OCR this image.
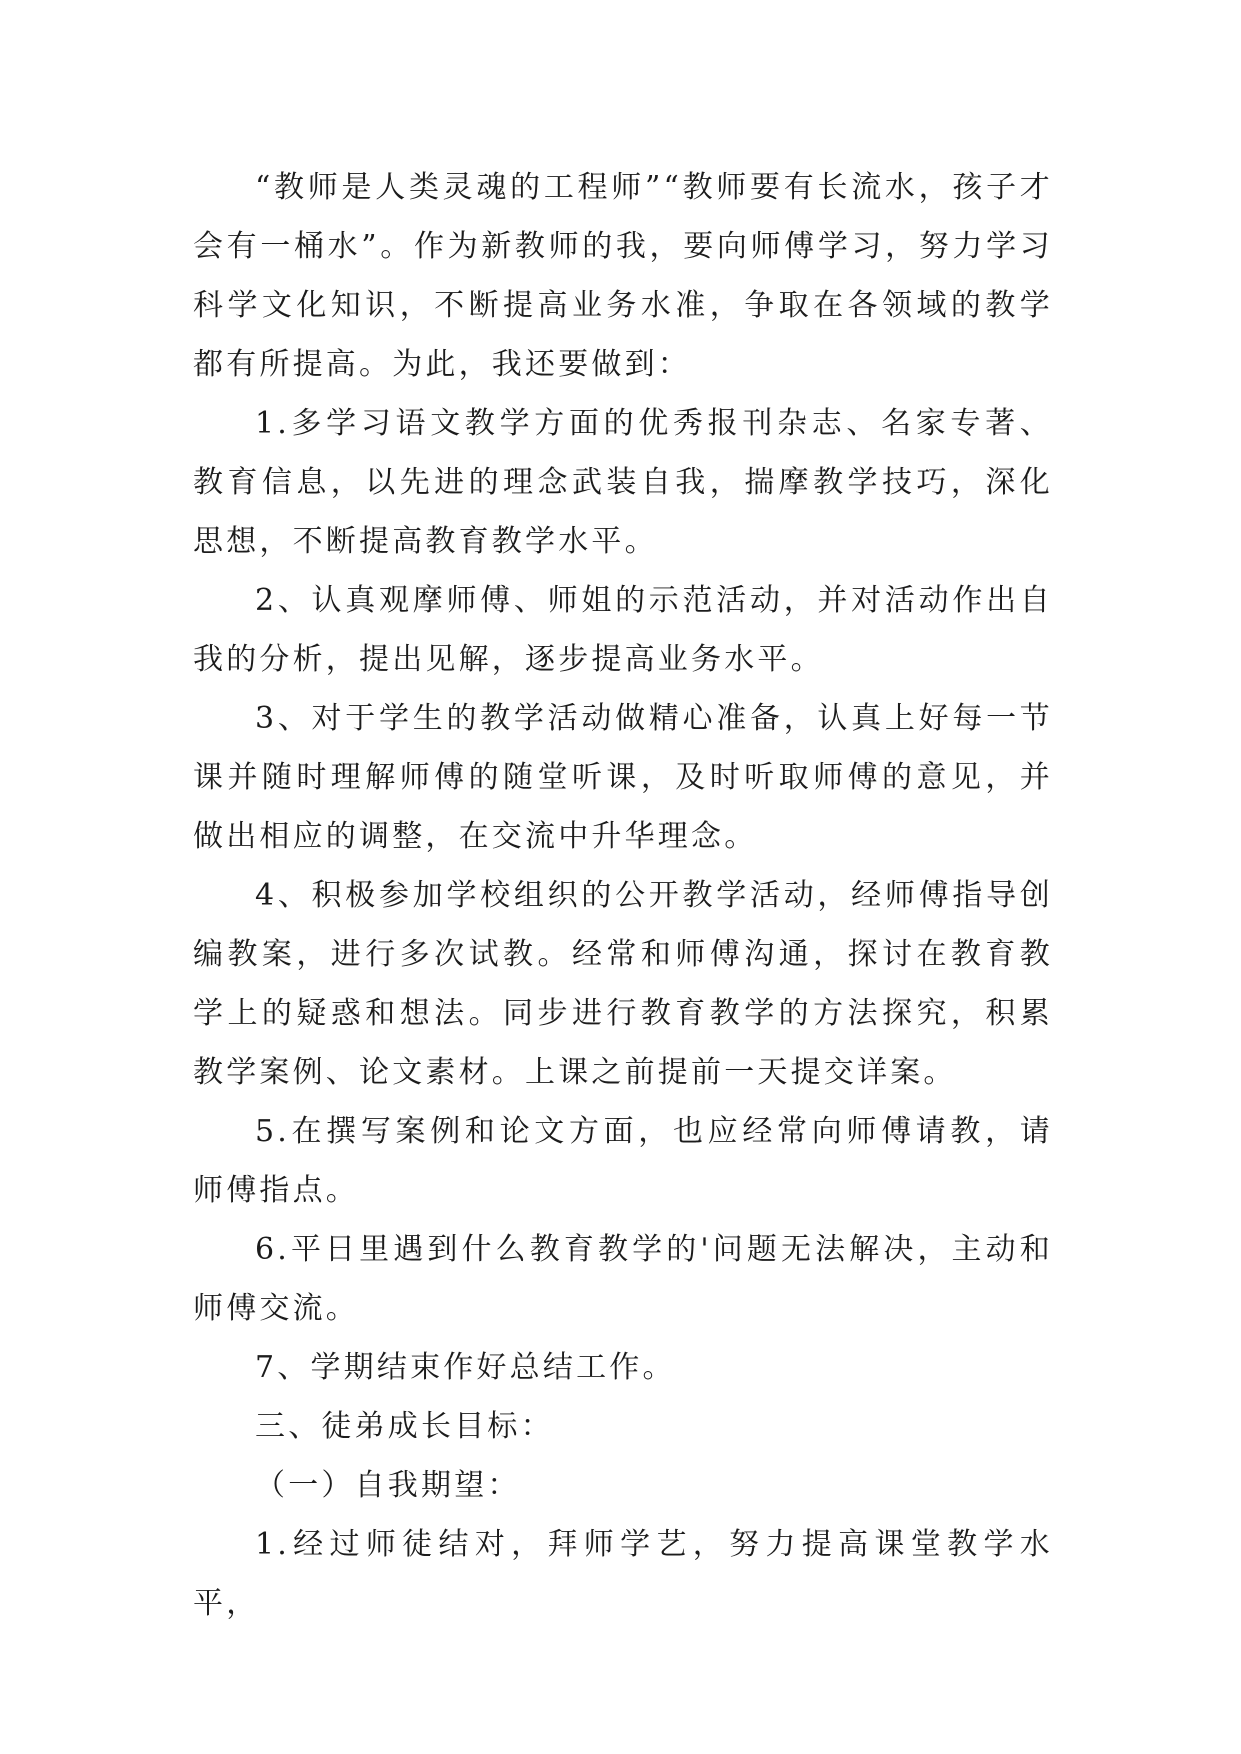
“教师是人类灵魂的工程师”“教师要有长流水，孩子才会有一桶水”。作为新教师的我，要向师傅学习，努力学习科学文化知识，不断提高业务水准，争取在各领域的教学都有所提高。为此，我还要做到：

1.多学习语文教学方面的优秀报刊杂志、名家专著、教育信息，以先进的理念武装自我，揣摩教学技巧，深化思想，不断提高教育教学水平。

2、认真观摩师傅、师姐的示范活动，并对活动作出自我的分析，提出见解，逐步提高业务水平。

3、对于学生的教学活动做精心准备，认真上好每一节课并随时理解师傅的随堂听课，及时听取师傅的意见，并做出相应的调整，在交流中升华理念。

4、积极参加学校组织的公开教学活动，经师傅指导创编教案，进行多次试教。经常和师傅沟通，探讨在教育教学上的疑惑和想法。同步进行教育教学的方法探究，积累教学案例、论文素材。上课之前提前一天提交详案。

5.在撰写案例和论文方面，也应经常向师傅请教，请师傅指点。

6.平日里遇到什么教育教学的'问题无法解决，主动和师傅交流。

7、学期结束作好总结工作。

三、徒弟成长目标：

（一）自我期望：

1.经过师徒结对，拜师学艺，努力提高课堂教学水平，
